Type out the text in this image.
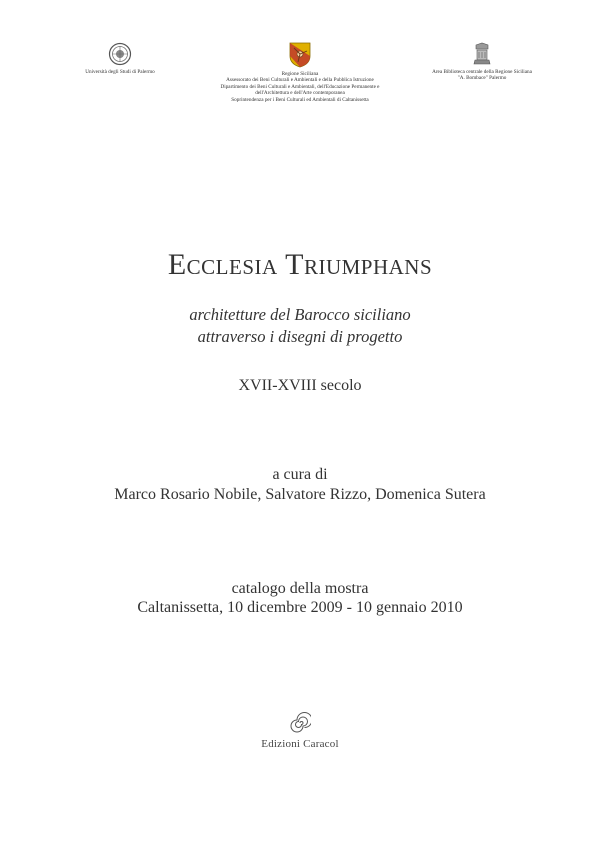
Università degli Studi di Palermo	Regione Siciliana
Assessorato dei Beni Culturali e Ambientali e della Pubblica Istruzione
Dipartimento dei Beni Culturali e Ambientali, dell'Educazione Permanente e
dell'Architettura e dell'Arte contemporanea
Soprintendenza per i Beni Culturali ed Ambientali di Caltanissetta
Area Biblioteca centrale della Regione Siciliana
"A. Bombace" Palermo
Ecclesia Triumphans
architetture del Barocco siciliano
attraverso i disegni di progetto
XVII-XVIII secolo
a cura di
Marco Rosario Nobile, Salvatore Rizzo, Domenica Sutera
catalogo della mostra
Caltanissetta, 10 dicembre 2009 - 10 gennaio 2010
Edizioni Caracol
